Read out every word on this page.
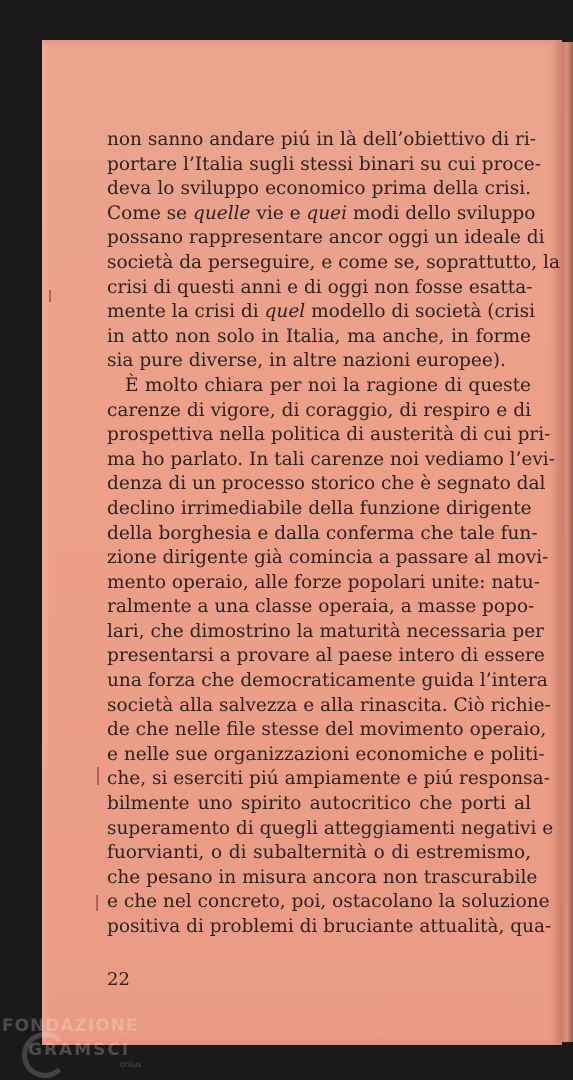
non sanno andare piú in là dell’obiettivo di ri-
portare l’Italia sugli stessi binari su cui proce-
deva lo sviluppo economico prima della crisi.
Come se quelle vie e quei modi dello sviluppo
possano rappresentare ancor oggi un ideale di
società da perseguire, e come se, soprattutto, la
crisi di questi anni e di oggi non fosse esatta-
mente la crisi di quel modello di società (crisi
in atto non solo in Italia, ma anche, in forme
sia pure diverse, in altre nazioni europee).
È molto chiara per noi la ragione di queste
carenze di vigore, di coraggio, di respiro e di
prospettiva nella politica di austerità di cui pri-
ma ho parlato. In tali carenze noi vediamo l’evi-
denza di un processo storico che è segnato dal
declino irrimediabile della funzione dirigente
della borghesia e dalla conferma che tale fun-
zione dirigente già comincia a passare al movi-
mento operaio, alle forze popolari unite: natu-
ralmente a una classe operaia, a masse popo-
lari, che dimostrino la maturità necessaria per
presentarsi a provare al paese intero di essere
una forza che democraticamente guida l’intera
società alla salvezza e alla rinascita. Ciò richie-
de che nelle file stesse del movimento operaio,
e nelle sue organizzazioni economiche e politi-
che, si eserciti piú ampiamente e piú responsa-
bilmente uno spirito autocritico che porti al
superamento di quegli atteggiamenti negativi e
fuorvianti, o di subalternità o di estremismo,
che pesano in misura ancora non trascurabile
e che nel concreto, poi, ostacolano la soluzione
positiva di problemi di bruciante attualità, qua-
22
FONDAZIONE
GRAMSCI
onlus
